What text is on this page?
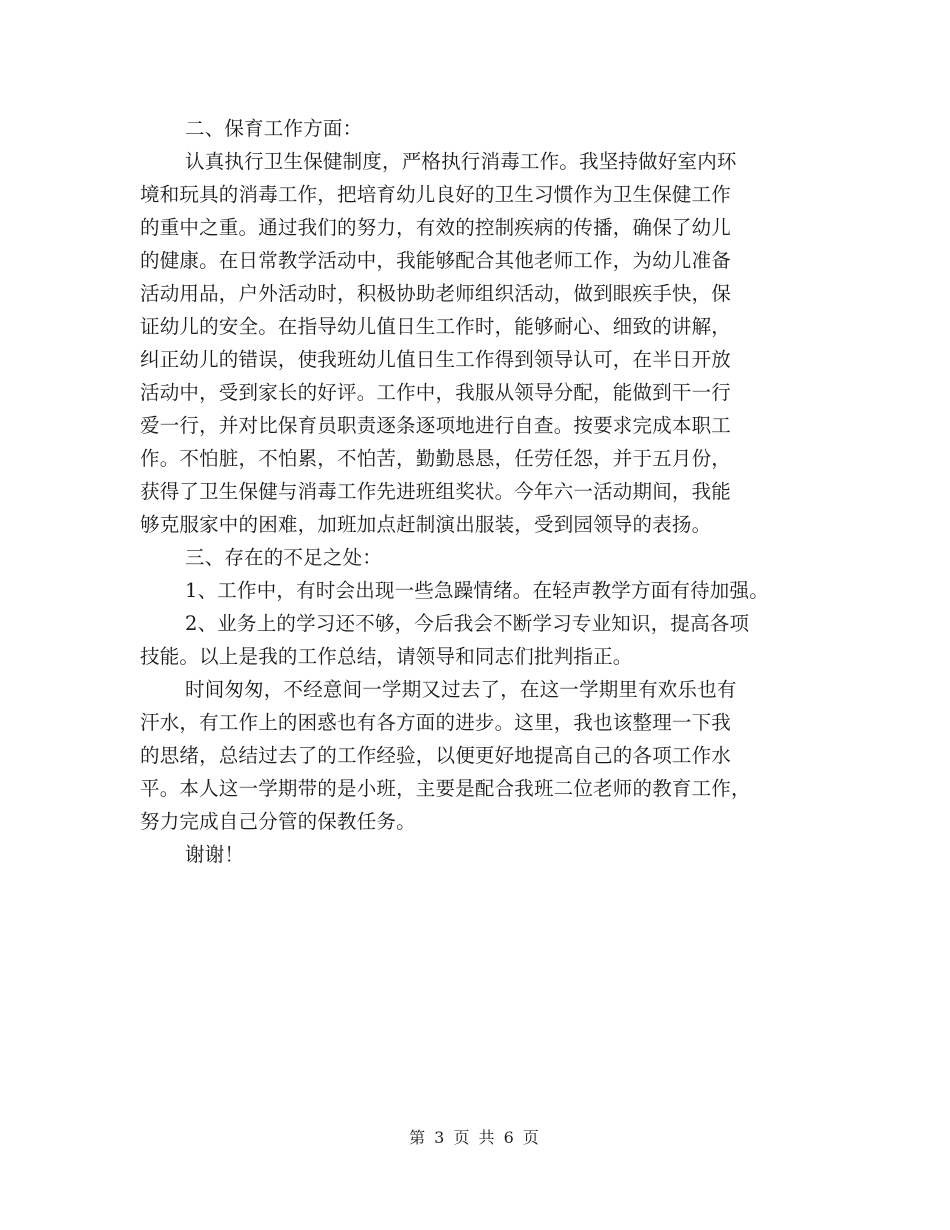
二、保育工作方面：
认真执行卫生保健制度，严格执行消毒工作。我坚持做好室内环
境和玩具的消毒工作，把培育幼儿良好的卫生习惯作为卫生保健工作
的重中之重。通过我们的努力，有效的控制疾病的传播，确保了幼儿
的健康。在日常教学活动中，我能够配合其他老师工作，为幼儿准备
活动用品，户外活动时，积极协助老师组织活动，做到眼疾手快，保
证幼儿的安全。在指导幼儿值日生工作时，能够耐心、细致的讲解，
纠正幼儿的错误，使我班幼儿值日生工作得到领导认可，在半日开放
活动中，受到家长的好评。工作中，我服从领导分配，能做到干一行
爱一行，并对比保育员职责逐条逐项地进行自查。按要求完成本职工
作。不怕脏，不怕累，不怕苦，勤勤恳恳，任劳任怨，并于五月份，
获得了卫生保健与消毒工作先进班组奖状。今年六一活动期间，我能
够克服家中的困难，加班加点赶制演出服装，受到园领导的表扬。
三、存在的不足之处：
1、工作中，有时会出现一些急躁情绪。在轻声教学方面有待加强。
2、业务上的学习还不够，今后我会不断学习专业知识，提高各项
技能。以上是我的工作总结，请领导和同志们批判指正。
时间匆匆，不经意间一学期又过去了，在这一学期里有欢乐也有
汗水，有工作上的困惑也有各方面的进步。这里，我也该整理一下我
的思绪，总结过去了的工作经验，以便更好地提高自己的各项工作水
平。本人这一学期带的是小班，主要是配合我班二位老师的教育工作，
努力完成自己分管的保教任务。
谢谢！
第 3 页 共 6 页
